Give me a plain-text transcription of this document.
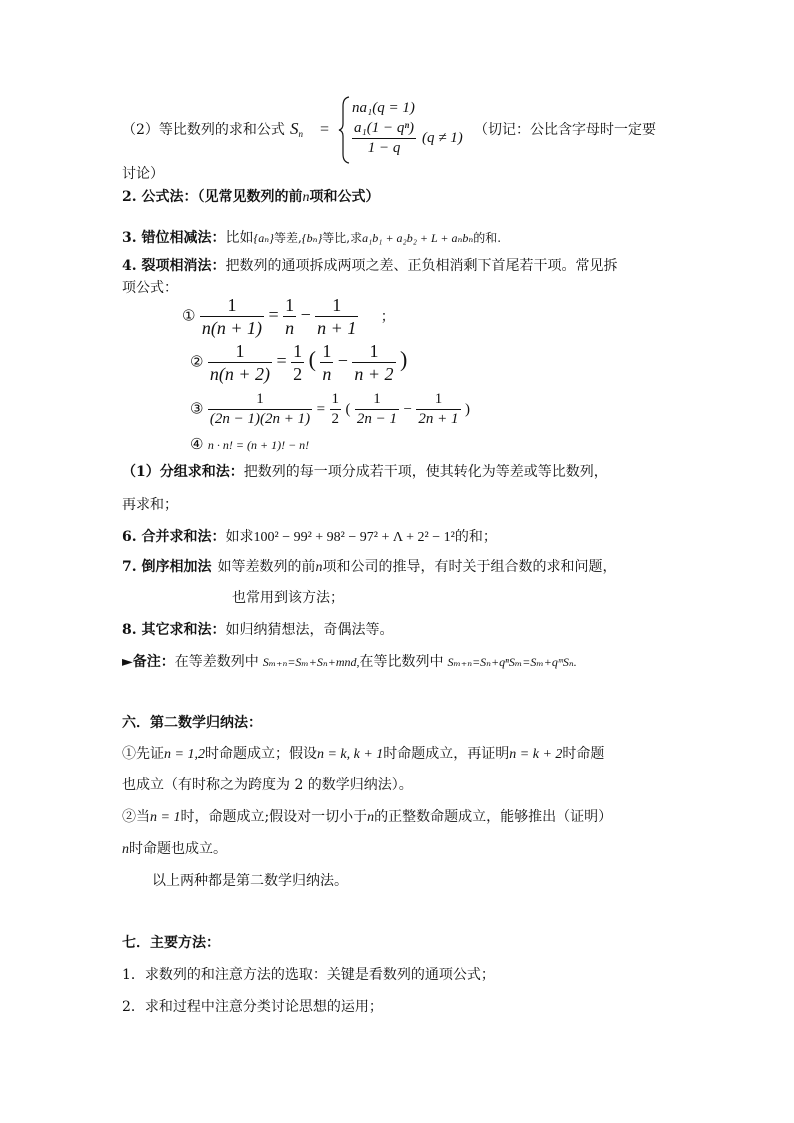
（2）等比数列的求和公式 $S_n$ =
na₁(q = 1)
$\frac{\text{a₁(1 − qⁿ)}}{1 - q} (q \ne 1)$ （切记：公比含字母时一定要
讨论）
2. 公式法：（见常见数列的前n项和公式）
3. 错位相减法：比如{aₙ}等差,{bₙ}等比,求a₁b₁ + a₂b₂ + L + aₙbₙ的和.
4. 裂项相消法：把数列的通项拆成两项之差、正负相消剩下首尾若干项。常见拆
项公式：
① $\frac{1}{n(n + 1)} = \frac{1}{n} - \frac{1}{n + 1}$ ；
② $\frac{1}{n(n + 2)} = \frac{1}{2}$ ( $\frac{1}{n} - \frac{1}{n + 2}$ )
③ $\frac{1}{(2n - 1)(2n + 1)} = \frac{1}{2}$ ( $\frac{1}{2n - 1} - \frac{1}{2n + 1}$ )
④ n · n! = (n + 1)! − n!
（1）分组求和法：把数列的每一项分成若干项，使其转化为等差或等比数列，
再求和；
6. 合并求和法：如求100² − 99² + 98² − 97² + Λ + 2² − 1²的和；
7. 倒序相加法 如等差数列的前n项和公司的推导，有时关于组合数的求和问题，
也常用到该方法；
8. 其它求和法：如归纳猜想法，奇偶法等。
►备注：在等差数列中 Sₘ₊ₙ=Sₘ+Sₙ+mnd,在等比数列中 Sₘ₊ₙ=Sₙ+qⁿSₘ=Sₘ+qᵐSₙ.
六．第二数学归纳法：
①先证n = 1,2时命题成立；假设n = k, k + 1时命题成立，再证明n = k + 2时命题
也成立（有时称之为跨度为 2 的数学归纳法）。
②当n = 1时，命题成立;假设对一切小于n的正整数命题成立，能够推出（证明）
n时命题也成立。
以上两种都是第二数学归纳法。
七．主要方法：
1．求数列的和注意方法的选取：关键是看数列的通项公式；
2．求和过程中注意分类讨论思想的运用；
